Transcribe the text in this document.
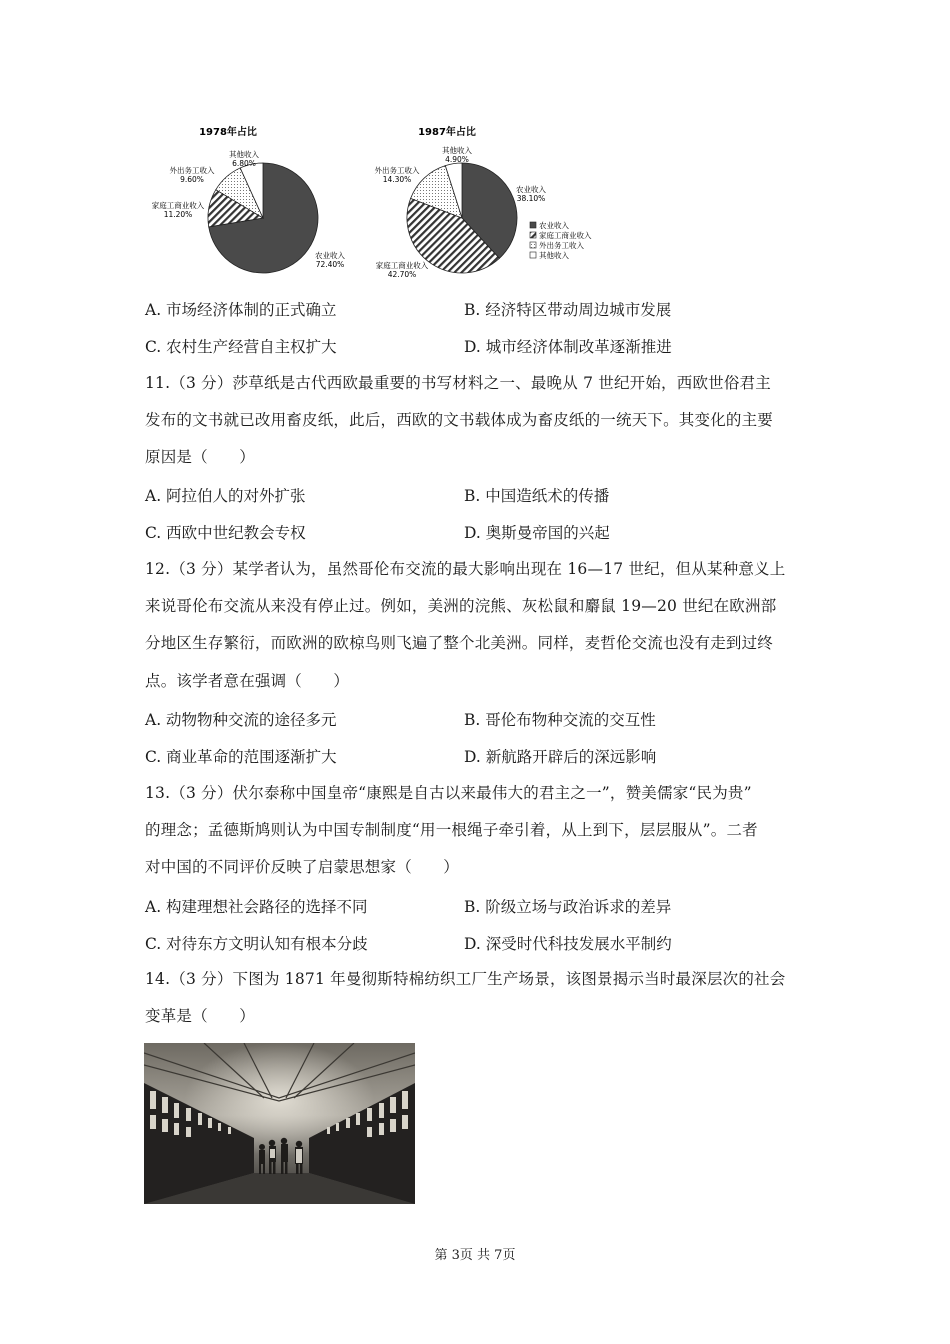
1978年占比
农业收入
72.40%
家庭工商业收入
11.20%
外出务工收入
9.60%
其他收入
6.80%
1987年占比
农业收入
38.10%
家庭工商业收入
42.70%
外出务工收入
14.30%
其他收入
4.90%
农业收入
家庭工商业收入
外出务工收入
其他收入
A. 市场经济体制的正式确立	B. 经济特区带动周边城市发展
C. 农村生产经营自主权扩大	D. 城市经济体制改革逐渐推进
11.（3 分）莎草纸是古代西欧最重要的书写材料之一、最晚从 7 世纪开始，西欧世俗君主
发布的文书就已改用畜皮纸，此后，西欧的文书载体成为畜皮纸的一统天下。其变化的主要
原因是（　　）
A. 阿拉伯人的对外扩张	B. 中国造纸术的传播
C. 西欧中世纪教会专权	D. 奥斯曼帝国的兴起
12.（3 分）某学者认为，虽然哥伦布交流的最大影响出现在 16—17 世纪，但从某种意义上
来说哥伦布交流从来没有停止过。例如，美洲的浣熊、灰松鼠和麝鼠 19—20 世纪在欧洲部
分地区生存繁衍，而欧洲的欧椋鸟则飞遍了整个北美洲。同样，麦哲伦交流也没有走到过终
点。该学者意在强调（　　）
A. 动物物种交流的途径多元	B. 哥伦布物种交流的交互性
C. 商业革命的范围逐渐扩大	D. 新航路开辟后的深远影响
13.（3 分）伏尔泰称中国皇帝“康熙是自古以来最伟大的君主之一”，赞美儒家“民为贵”
的理念；孟德斯鸠则认为中国专制制度“用一根绳子牵引着，从上到下，层层服从”。二者
对中国的不同评价反映了启蒙思想家（　　）
A. 构建理想社会路径的选择不同	B. 阶级立场与政治诉求的差异
C. 对待东方文明认知有根本分歧	D. 深受时代科技发展水平制约
14.（3 分）下图为 1871 年曼彻斯特棉纺织工厂生产场景，该图景揭示当时最深层次的社会
变革是（　　）
第 3页 共 7页
